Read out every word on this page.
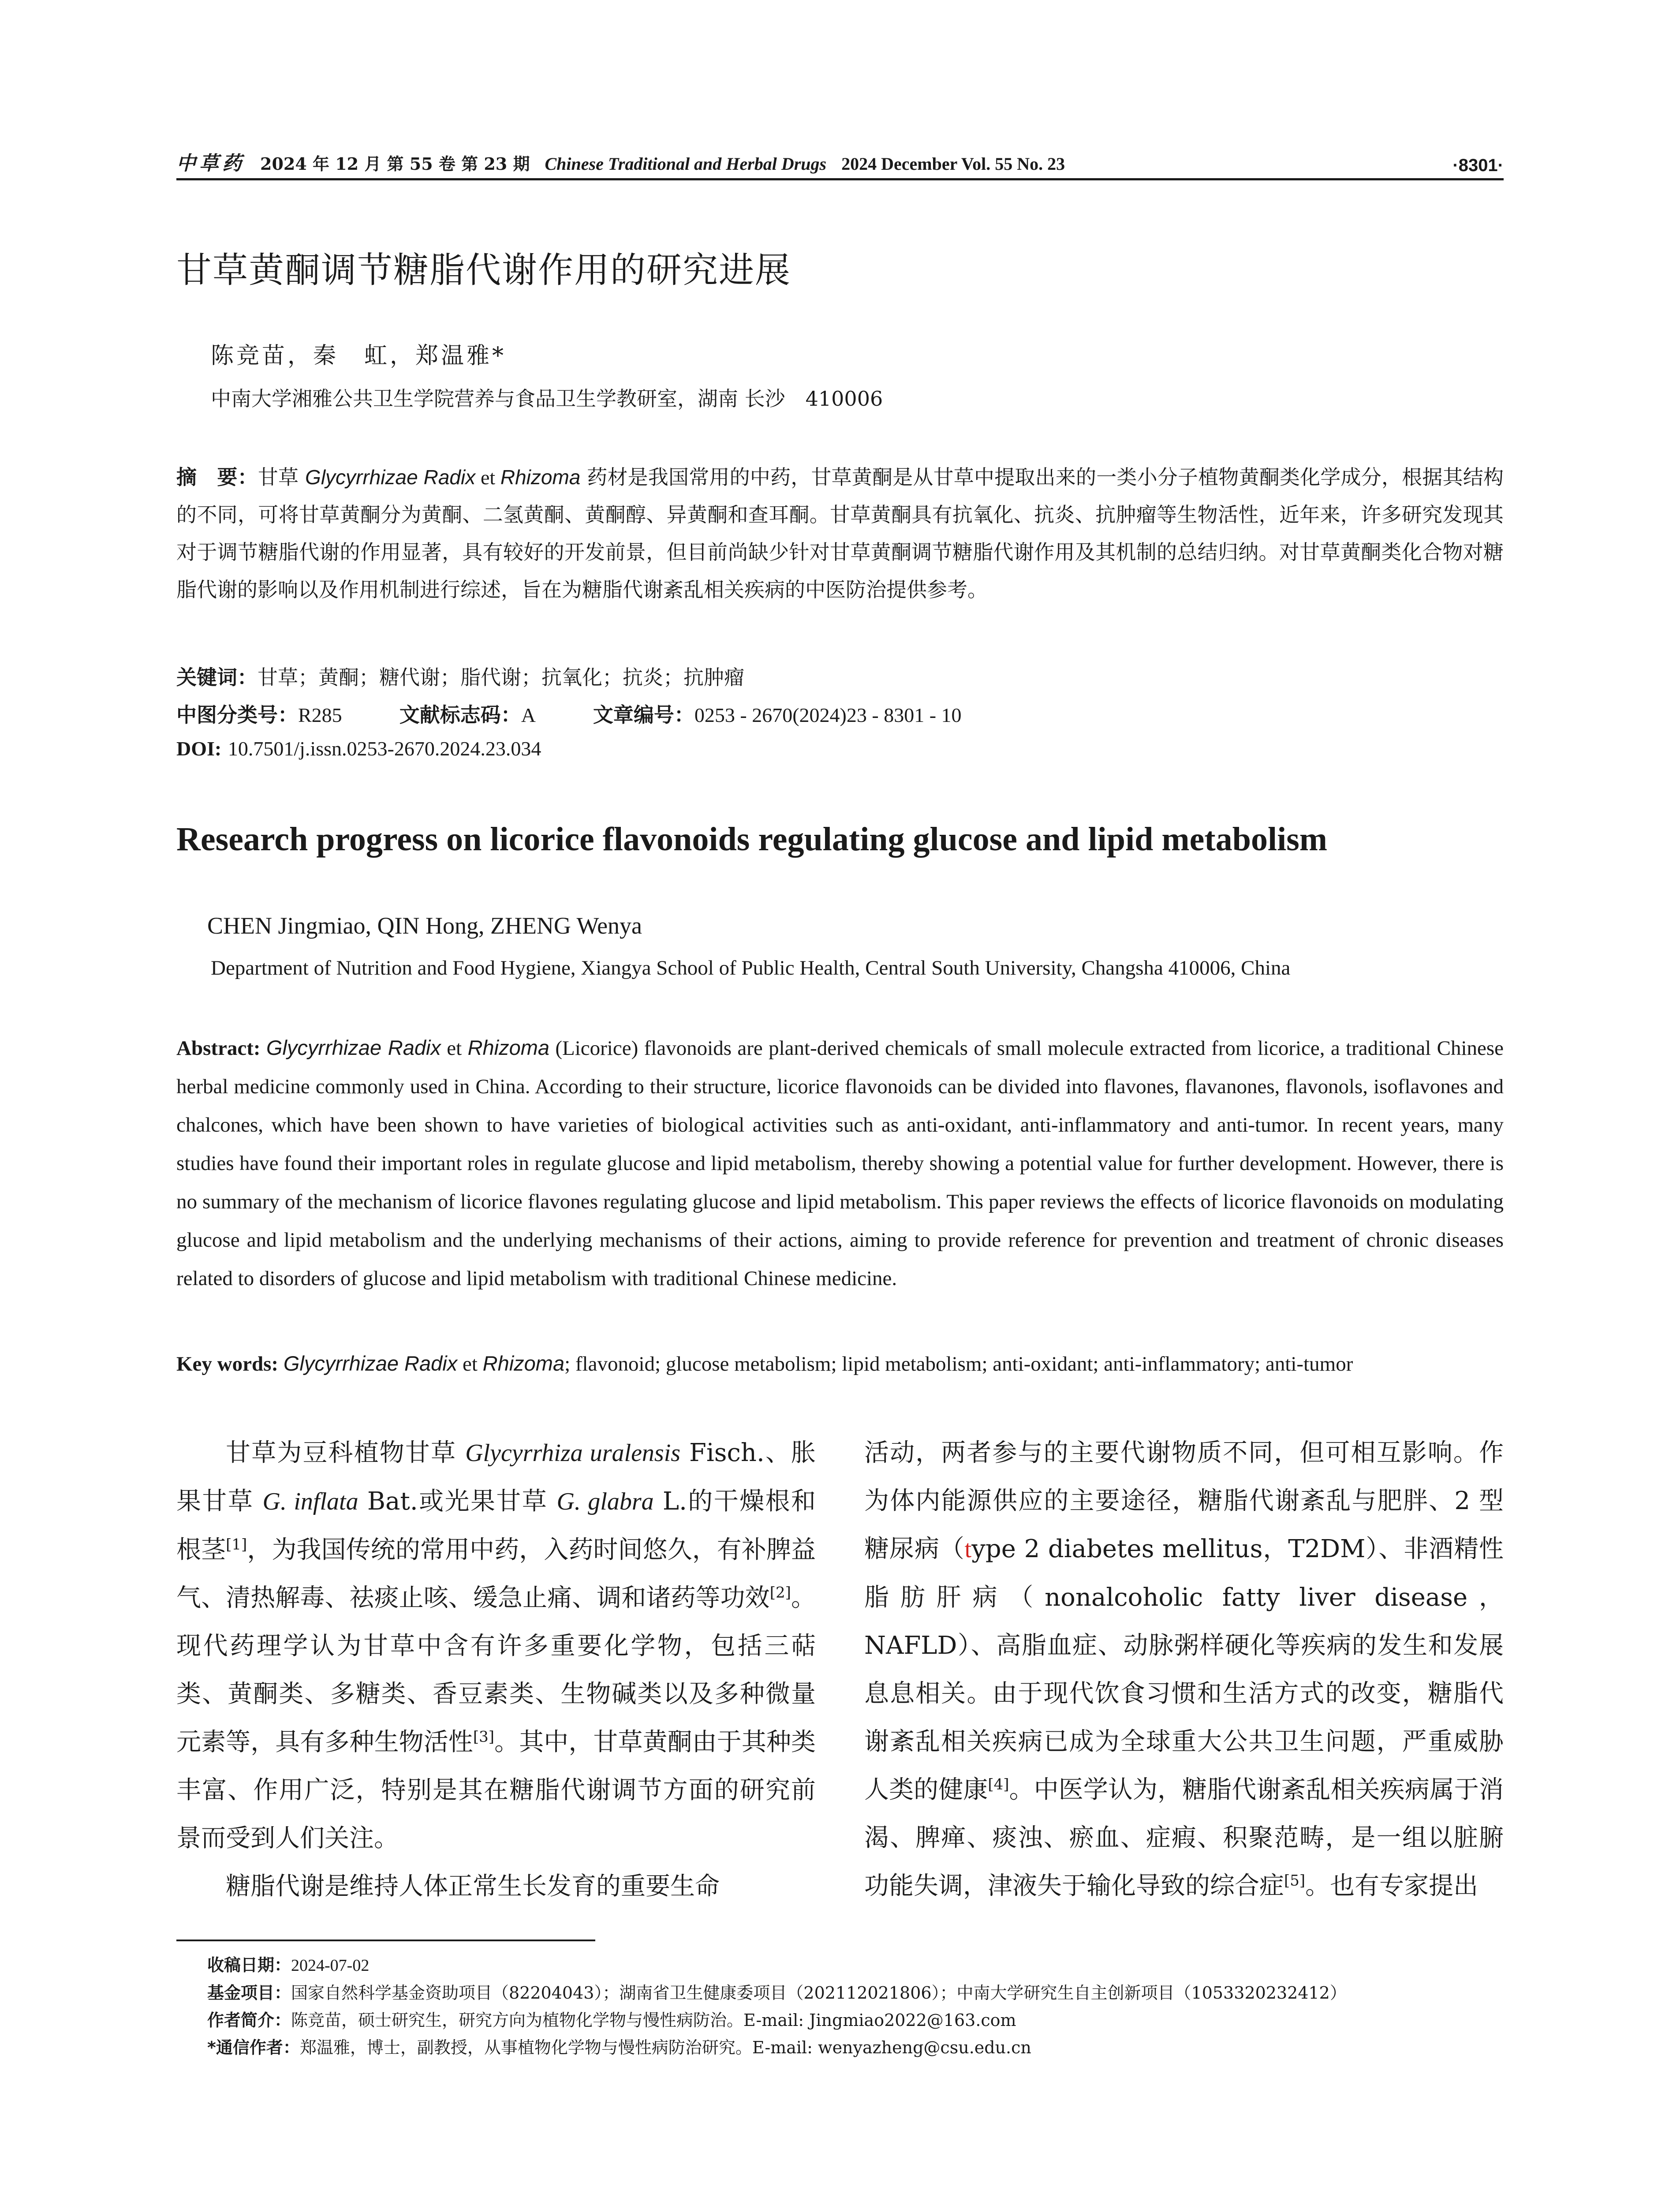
中草药 2024 年 12 月 第 55 卷 第 23 期 Chinese Traditional and Herbal Drugs 2024 December Vol. 55 No. 23	·8301·
甘草黄酮调节糖脂代谢作用的研究进展
陈竞苗，秦　虹，郑温雅*
中南大学湘雅公共卫生学院营养与食品卫生学教研室，湖南 长沙　410006
摘　要：甘草 Glycyrrhizae Radix et Rhizoma 药材是我国常用的中药，甘草黄酮是从甘草中提取出来的一类小分子植物黄酮类化学成分，根据其结构的不同，可将甘草黄酮分为黄酮、二氢黄酮、黄酮醇、异黄酮和查耳酮。甘草黄酮具有抗氧化、抗炎、抗肿瘤等生物活性，近年来，许多研究发现其对于调节糖脂代谢的作用显著，具有较好的开发前景，但目前尚缺少针对甘草黄酮调节糖脂代谢作用及其机制的总结归纳。对甘草黄酮类化合物对糖脂代谢的影响以及作用机制进行综述，旨在为糖脂代谢紊乱相关疾病的中医防治提供参考。
关键词：甘草；黄酮；糖代谢；脂代谢；抗氧化；抗炎；抗肿瘤
中图分类号：R285	文献标志码：A	文章编号：0253 - 2670(2024)23 - 8301 - 10
DOI: 10.7501/j.issn.0253-2670.2024.23.034
Research progress on licorice flavonoids regulating glucose and lipid metabolism
CHEN Jingmiao, QIN Hong, ZHENG Wenya
Department of Nutrition and Food Hygiene, Xiangya School of Public Health, Central South University, Changsha 410006, China
Abstract: Glycyrrhizae Radix et Rhizoma (Licorice) flavonoids are plant-derived chemicals of small molecule extracted from licorice, a traditional Chinese herbal medicine commonly used in China. According to their structure, licorice flavonoids can be divided into flavones, flavanones, flavonols, isoflavones and chalcones, which have been shown to have varieties of biological activities such as anti-oxidant, anti-inflammatory and anti-tumor. In recent years, many studies have found their important roles in regulate glucose and lipid metabolism, thereby showing a potential value for further development. However, there is no summary of the mechanism of licorice flavones regulating glucose and lipid metabolism. This paper reviews the effects of licorice flavonoids on modulating glucose and lipid metabolism and the underlying mechanisms of their actions, aiming to provide reference for prevention and treatment of chronic diseases related to disorders of glucose and lipid metabolism with traditional Chinese medicine.
Key words: Glycyrrhizae Radix et Rhizoma; flavonoid; glucose metabolism; lipid metabolism; anti-oxidant; anti-inflammatory; anti-tumor

甘草为豆科植物甘草 Glycyrrhiza uralensis Fisch.、胀果甘草 G. inflata Bat.或光果甘草 G. glabra L.的干燥根和根茎[1]，为我国传统的常用中药，入药时间悠久，有补脾益气、清热解毒、祛痰止咳、缓急止痛、调和诸药等功效[2]。现代药理学认为甘草中含有许多重要化学物，包括三萜类、黄酮类、多糖类、香豆素类、生物碱类以及多种微量元素等，具有多种生物活性[3]。其中，甘草黄酮由于其种类丰富、作用广泛，特别是其在糖脂代谢调节方面的研究前景而受到人们关注。

糖脂代谢是维持人体正常生长发育的重要生命

活动，两者参与的主要代谢物质不同，但可相互影响。作为体内能源供应的主要途径，糖脂代谢紊乱与肥胖、2 型糖尿病（type 2 diabetes mellitus，T2DM）、非酒精性脂肪肝病（nonalcoholic fatty liver disease，NAFLD）、高脂血症、动脉粥样硬化等疾病的发生和发展息息相关。由于现代饮食习惯和生活方式的改变，糖脂代谢紊乱相关疾病已成为全球重大公共卫生问题，严重威胁人类的健康[4]。中医学认为，糖脂代谢紊乱相关疾病属于消渴、脾瘅、痰浊、瘀血、症瘕、积聚范畴，是一组以脏腑功能失调，津液失于输化导致的综合症[5]。也有专家提出

收稿日期：2024-07-02
基金项目：国家自然科学基金资助项目（82204043）；湖南省卫生健康委项目（202112021806）；中南大学研究生自主创新项目（1053320232412）
作者简介：陈竞苗，硕士研究生，研究方向为植物化学物与慢性病防治。E-mail: Jingmiao2022@163.com
*通信作者：郑温雅，博士，副教授，从事植物化学物与慢性病防治研究。E-mail: wenyazheng@csu.edu.cn
